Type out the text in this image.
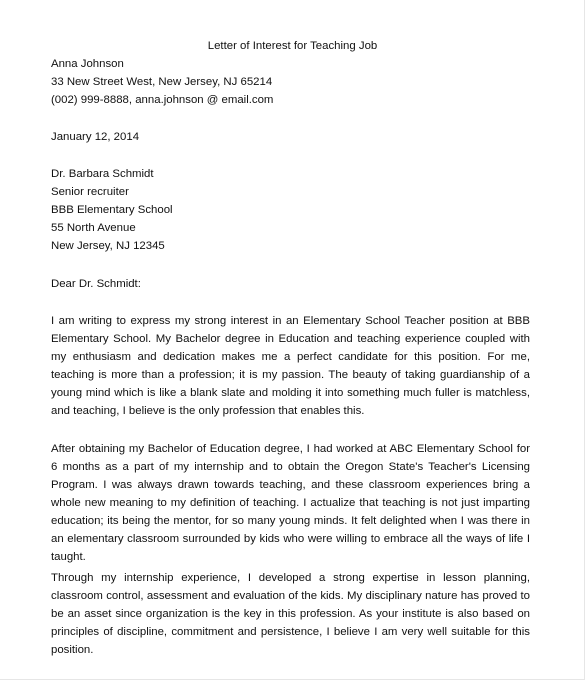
Letter of Interest for Teaching Job
Anna Johnson
33 New Street West, New Jersey, NJ 65214
(002) 999-8888, anna.johnson @ email.com
January 12, 2014
Dr. Barbara Schmidt
Senior recruiter
BBB Elementary School
55 North Avenue
New Jersey, NJ 12345
Dear Dr. Schmidt:

I am writing to express my strong interest in an Elementary School Teacher position at BBB Elementary School. My Bachelor degree in Education and teaching experience coupled with my enthusiasm and dedication makes me a perfect candidate for this position. For me, teaching is more than a profession; it is my passion. The beauty of taking guardianship of a young mind which is like a blank slate and molding it into something much fuller is matchless, and teaching, I believe is the only profession that enables this.

After obtaining my Bachelor of Education degree, I had worked at ABC Elementary School for 6 months as a part of my internship and to obtain the Oregon State's Teacher's Licensing Program. I was always drawn towards teaching, and these classroom experiences bring a whole new meaning to my definition of teaching. I actualize that teaching is not just imparting education; its being the mentor, for so many young minds. It felt delighted when I was there in an elementary classroom surrounded by kids who were willing to embrace all the ways of life I taught.

Through my internship experience, I developed a strong expertise in lesson planning, classroom control, assessment and evaluation of the kids. My disciplinary nature has proved to be an asset since organization is the key in this profession. As your institute is also based on principles of discipline, commitment and persistence, I believe I am very well suitable for this position.
